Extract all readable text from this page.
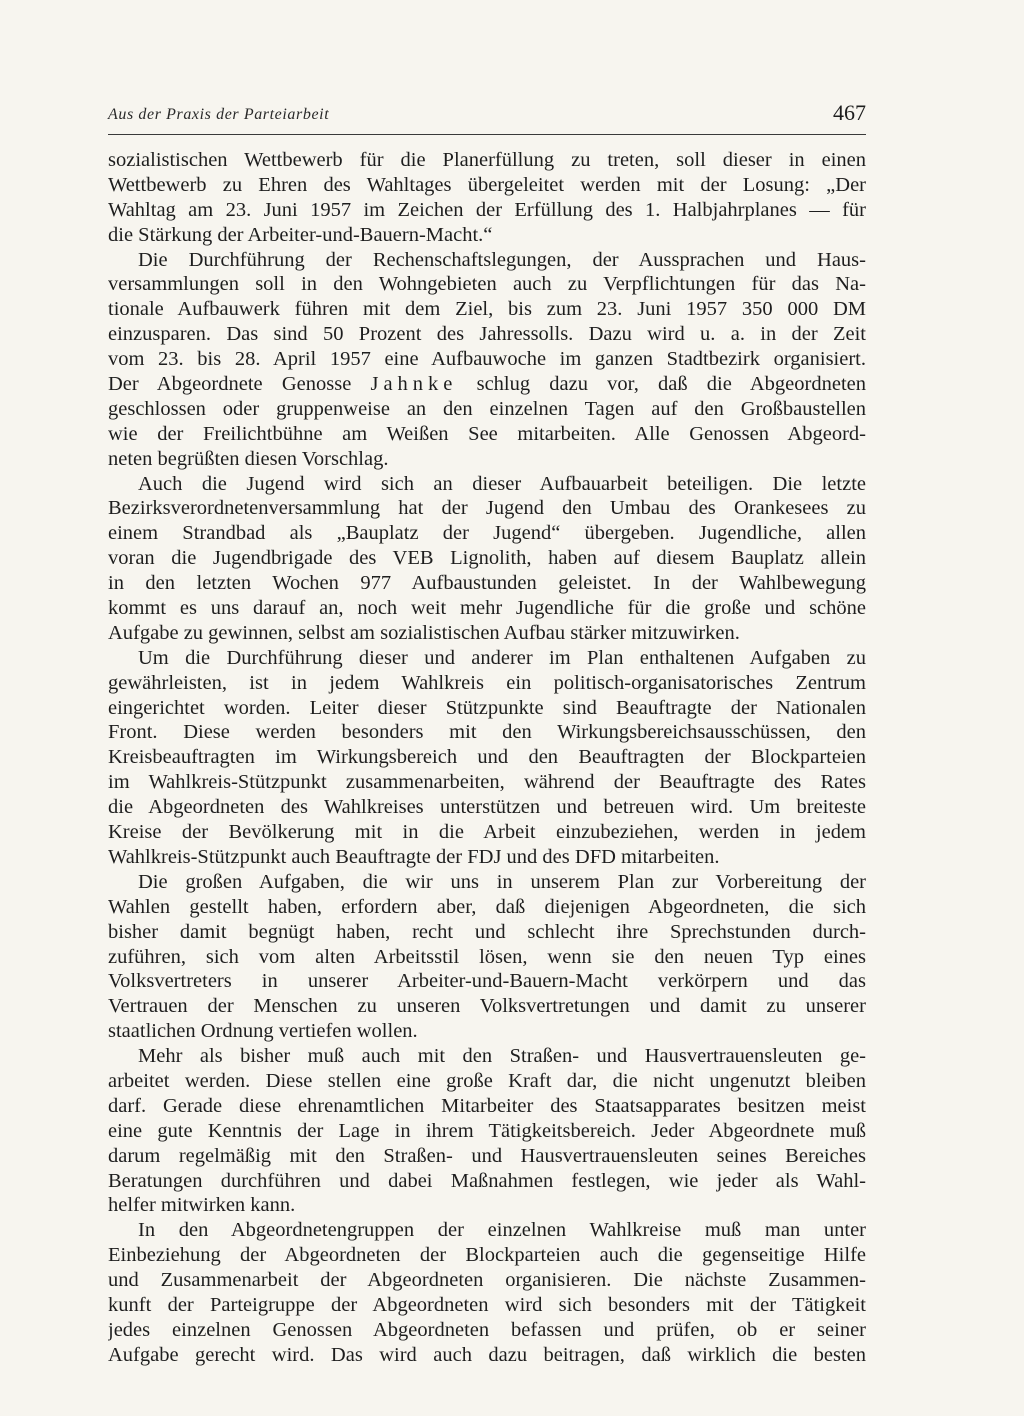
Aus der Praxis der Parteiarbeit	467
sozialistischen Wettbewerb für die Planerfüllung zu treten, soll dieser in einen
Wettbewerb zu Ehren des Wahltages übergeleitet werden mit der Losung: „Der
Wahltag am 23. Juni 1957 im Zeichen der Erfüllung des 1. Halbjahrplanes — für
die Stärkung der Arbeiter-und-Bauern-Macht.“
Die Durchführung der Rechenschaftslegungen, der Aussprachen und Haus-
versammlungen soll in den Wohngebieten auch zu Verpflichtungen für das Na-
tionale Aufbauwerk führen mit dem Ziel, bis zum 23. Juni 1957 350 000 DM
einzusparen. Das sind 50 Prozent des Jahressolls. Dazu wird u. a. in der Zeit
vom 23. bis 28. April 1957 eine Aufbauwoche im ganzen Stadtbezirk organisiert.
Der Abgeordnete Genosse Jahnke schlug dazu vor, daß die Abgeordneten
geschlossen oder gruppenweise an den einzelnen Tagen auf den Großbaustellen
wie der Freilichtbühne am Weißen See mitarbeiten. Alle Genossen Abgeord-
neten begrüßten diesen Vorschlag.
Auch die Jugend wird sich an dieser Aufbauarbeit beteiligen. Die letzte
Bezirksverordnetenversammlung hat der Jugend den Umbau des Orankesees zu
einem Strandbad als „Bauplatz der Jugend“ übergeben. Jugendliche, allen
voran die Jugendbrigade des VEB Lignolith, haben auf diesem Bauplatz allein
in den letzten Wochen 977 Aufbaustunden geleistet. In der Wahlbewegung
kommt es uns darauf an, noch weit mehr Jugendliche für die große und schöne
Aufgabe zu gewinnen, selbst am sozialistischen Aufbau stärker mitzuwirken.
Um die Durchführung dieser und anderer im Plan enthaltenen Aufgaben zu
gewährleisten, ist in jedem Wahlkreis ein politisch-organisatorisches Zentrum
eingerichtet worden. Leiter dieser Stützpunkte sind Beauftragte der Nationalen
Front. Diese werden besonders mit den Wirkungsbereichsausschüssen, den
Kreisbeauftragten im Wirkungsbereich und den Beauftragten der Blockparteien
im Wahlkreis-Stützpunkt zusammenarbeiten, während der Beauftragte des Rates
die Abgeordneten des Wahlkreises unterstützen und betreuen wird. Um breiteste
Kreise der Bevölkerung mit in die Arbeit einzubeziehen, werden in jedem
Wahlkreis-Stützpunkt auch Beauftragte der FDJ und des DFD mitarbeiten.
Die großen Aufgaben, die wir uns in unserem Plan zur Vorbereitung der
Wahlen gestellt haben, erfordern aber, daß diejenigen Abgeordneten, die sich
bisher damit begnügt haben, recht und schlecht ihre Sprechstunden durch-
zuführen, sich vom alten Arbeitsstil lösen, wenn sie den neuen Typ eines
Volksvertreters in unserer Arbeiter-und-Bauern-Macht verkörpern und das
Vertrauen der Menschen zu unseren Volksvertretungen und damit zu unserer
staatlichen Ordnung vertiefen wollen.
Mehr als bisher muß auch mit den Straßen- und Hausvertrauensleuten ge-
arbeitet werden. Diese stellen eine große Kraft dar, die nicht ungenutzt bleiben
darf. Gerade diese ehrenamtlichen Mitarbeiter des Staatsapparates besitzen meist
eine gute Kenntnis der Lage in ihrem Tätigkeitsbereich. Jeder Abgeordnete muß
darum regelmäßig mit den Straßen- und Hausvertrauensleuten seines Bereiches
Beratungen durchführen und dabei Maßnahmen festlegen, wie jeder als Wahl-
helfer mitwirken kann.
In den Abgeordnetengruppen der einzelnen Wahlkreise muß man unter
Einbeziehung der Abgeordneten der Blockparteien auch die gegenseitige Hilfe
und Zusammenarbeit der Abgeordneten organisieren. Die nächste Zusammen-
kunft der Parteigruppe der Abgeordneten wird sich besonders mit der Tätigkeit
jedes einzelnen Genossen Abgeordneten befassen und prüfen, ob er seiner
Aufgabe gerecht wird. Das wird auch dazu beitragen, daß wirklich die besten
